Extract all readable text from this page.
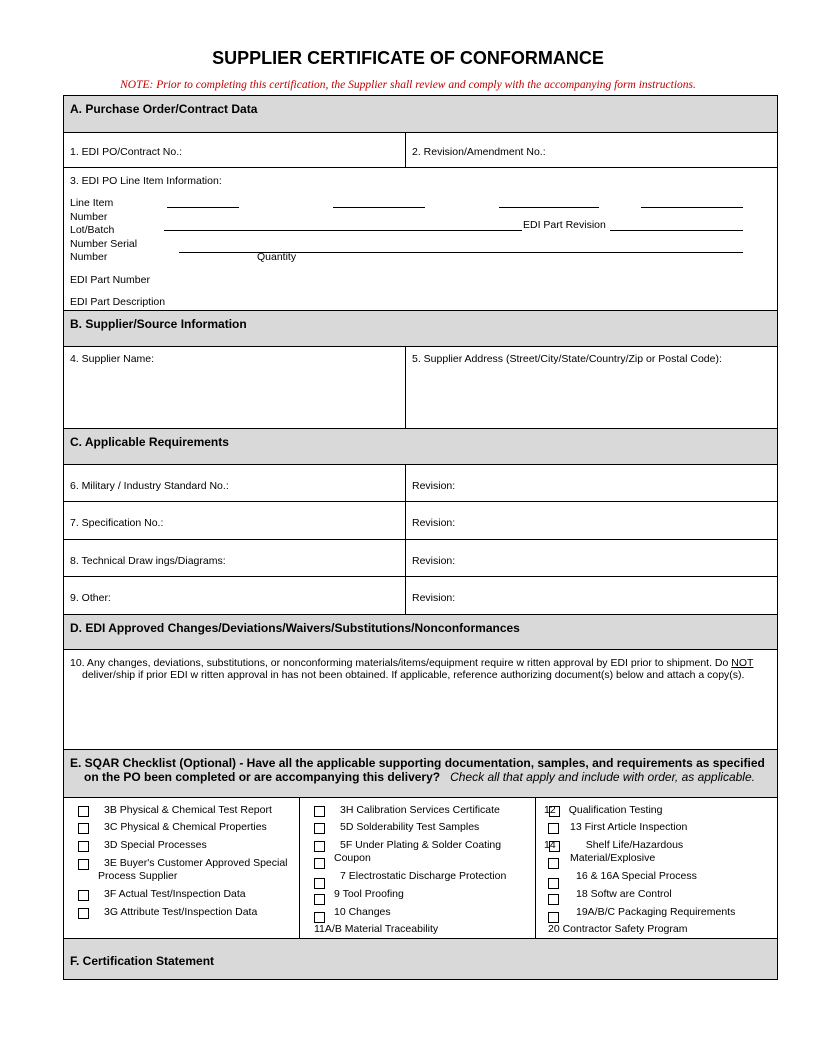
SUPPLIER CERTIFICATE OF CONFORMANCE
NOTE: Prior to completing this certification, the Supplier shall review and comply with the accompanying form instructions.
A. Purchase Order/Contract Data
1. EDI PO/Contract No.:	2. Revision/Amendment No.:
3. EDI PO Line Item Information:
Line Item
Number
Lot/Batch	EDI Part Revision
Number Serial
Number	Quantity
EDI Part Number
EDI Part Description
B. Supplier/Source Information
4. Supplier Name:	5. Supplier Address (Street/City/State/Country/Zip or Postal Code):
C. Applicable Requirements
6. Military / Industry Standard No.:	Revision:
7. Specification No.:	Revision:
8. Technical Draw ings/Diagrams:	Revision:
9. Other:	Revision:
D. EDI Approved Changes/Deviations/Waivers/Substitutions/Nonconformances
10. Any changes, deviations, substitutions, or nonconforming materials/items/equipment require w ritten approval by EDI prior to shipment. Do NOT
deliver/ship if prior EDI w ritten approval in has not been obtained. If applicable, reference authorizing document(s) below and attach a copy(s).
E. SQAR Checklist (Optional) - Have all the applicable supporting documentation, samples, and requirements as specified
on the PO been completed or are accompanying this delivery? Check all that apply and include with order, as applicable.
3B Physical & Chemical Test Report
3C Physical & Chemical Properties
3D Special Processes
3E Buyer's Customer Approved Special
Process Supplier
3F Actual Test/Inspection Data
3G Attribute Test/Inspection Data
3H Calibration Services Certificate
5D Solderability Test Samples
5F Under Plating & Solder Coating
Coupon
7 Electrostatic Discharge Protection
9 Tool Proofing
10 Changes
11A/B Material Traceability
12 Qualification Testing
13 First Article Inspection
14	Shelf Life/Hazardous
Material/Explosive
16 & 16A Special Process
18 Softw are Control
19A/B/C Packaging Requirements
20 Contractor Safety Program
F. Certification Statement
